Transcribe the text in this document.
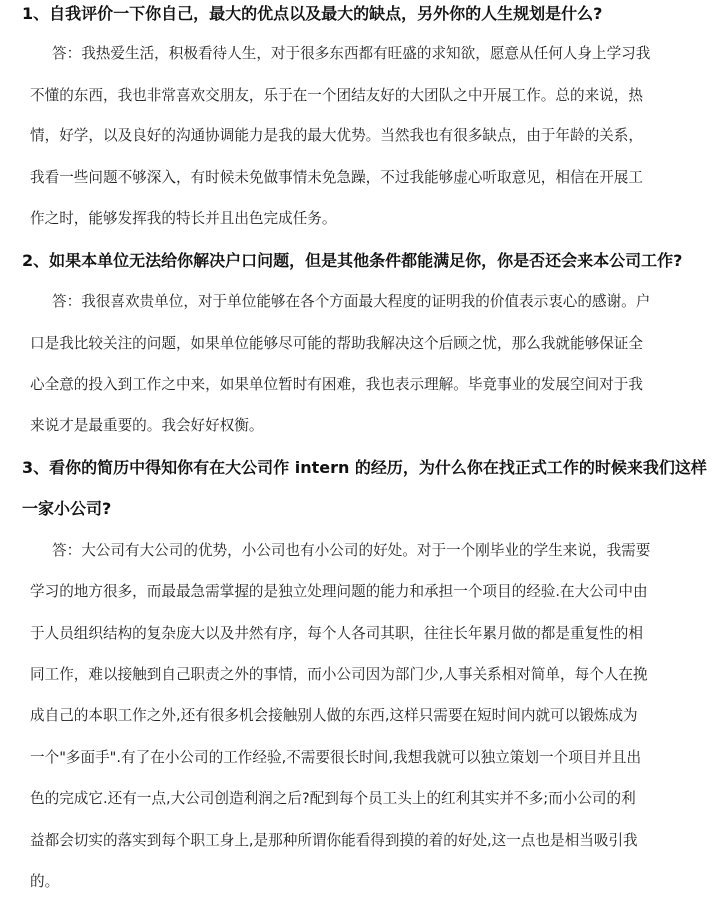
1、自我评价一下你自己，最大的优点以及最大的缺点，另外你的人生规划是什么?

答：我热爱生活，积极看待人生，对于很多东西都有旺盛的求知欲，愿意从任何人身上学习我

不懂的东西，我也非常喜欢交朋友，乐于在一个团结友好的大团队之中开展工作。总的来说，热

情，好学，以及良好的沟通协调能力是我的最大优势。当然我也有很多缺点，由于年龄的关系，

我看一些问题不够深入，有时候未免做事情未免急躁，不过我能够虚心听取意见，相信在开展工

作之时，能够发挥我的特长并且出色完成任务。

2、如果本单位无法给你解决户口问题，但是其他条件都能满足你，你是否还会来本公司工作?

答：我很喜欢贵单位，对于单位能够在各个方面最大程度的证明我的价值表示衷心的感谢。户

口是我比较关注的问题，如果单位能够尽可能的帮助我解决这个后顾之忧，那么我就能够保证全

心全意的投入到工作之中来，如果单位暂时有困难，我也表示理解。毕竟事业的发展空间对于我

来说才是最重要的。我会好好权衡。

3、看你的简历中得知你有在大公司作 intern 的经历，为什么你在找正式工作的时候来我们这样

一家小公司?

答：大公司有大公司的优势，小公司也有小公司的好处。对于一个刚毕业的学生来说，我需要

学习的地方很多，而最最急需掌握的是独立处理问题的能力和承担一个项目的经验.在大公司中由

于人员组织结构的复杂庞大以及井然有序，每个人各司其职，往往长年累月做的都是重复性的相

同工作，难以接触到自己职责之外的事情，而小公司因为部门少,人事关系相对简单，每个人在挽

成自己的本职工作之外,还有很多机会接触别人做的东西,这样只需要在短时间内就可以锻炼成为

一个"多面手".有了在小公司的工作经验,不需要很长时间,我想我就可以独立策划一个项目并且出

色的完成它.还有一点,大公司创造利润之后?配到每个员工头上的红利其实并不多;而小公司的利

益都会切实的落实到每个职工身上,是那种所谓你能看得到摸的着的好处,这一点也是相当吸引我

的。
